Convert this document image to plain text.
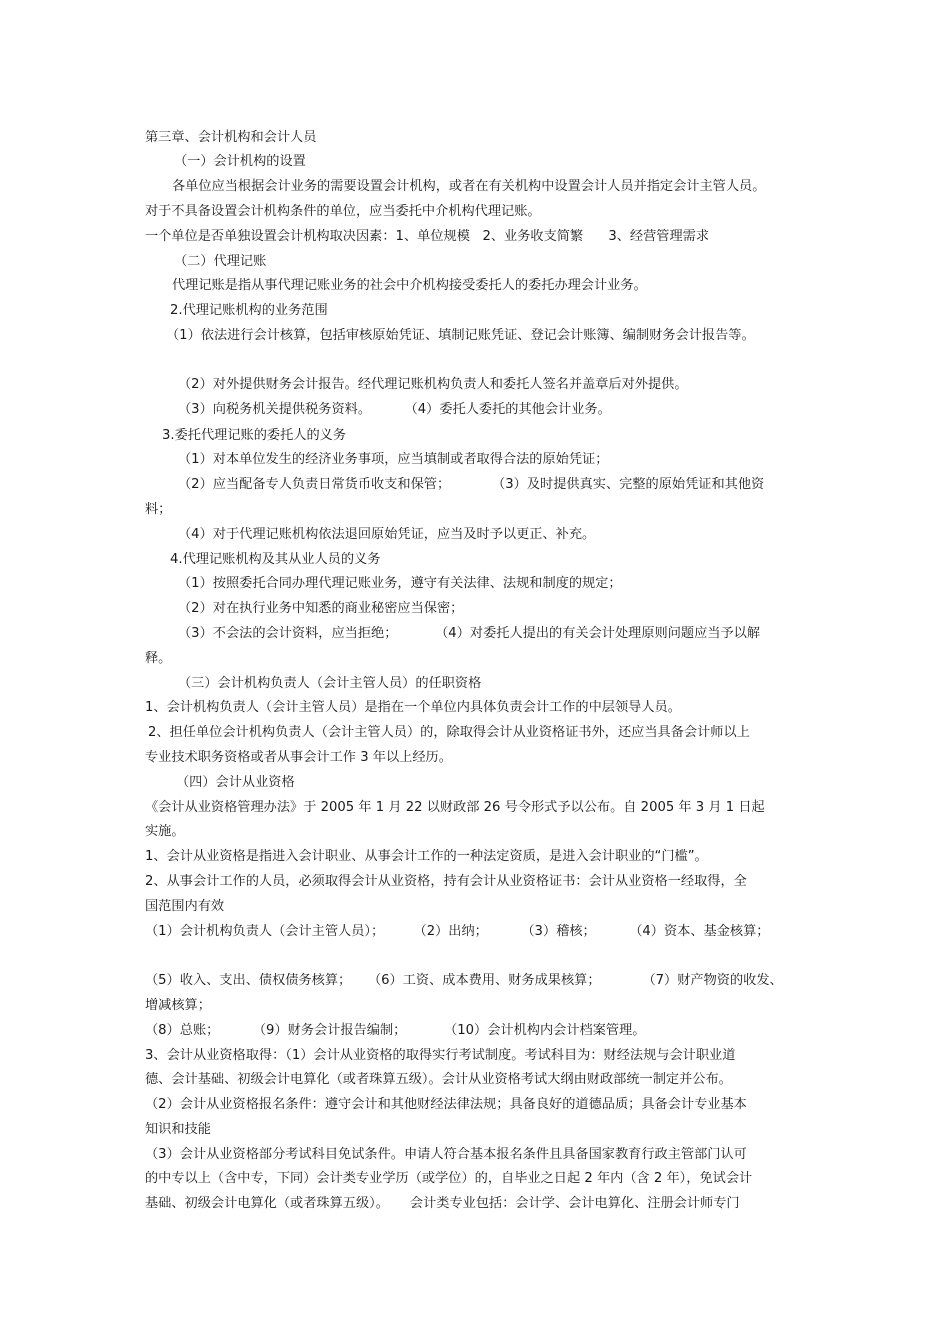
第三章、会计机构和会计人员
（一）会计机构的设置
各单位应当根据会计业务的需要设置会计机构，或者在有关机构中设置会计人员并指定会计主管人员。
对于不具备设置会计机构条件的单位，应当委托中介机构代理记账。
一个单位是否单独设置会计机构取决因素：1、单位规模   2、业务收支简繁      3、经营管理需求
（二）代理记账
代理记账是指从事代理记账业务的社会中介机构接受委托人的委托办理会计业务。
2.代理记账机构的业务范围
（1）依法进行会计核算，包括审核原始凭证、填制记账凭证、登记会计账簿、编制财务会计报告等。
（2）对外提供财务会计报告。经代理记账机构负责人和委托人签名并盖章后对外提供。
（3）向税务机关提供税务资料。        （4）委托人委托的其他会计业务。
3.委托代理记账的委托人的义务
（1）对本单位发生的经济业务事项，应当填制或者取得合法的原始凭证；
（2）应当配备专人负责日常货币收支和保管；          （3）及时提供真实、完整的原始凭证和其他资
料；
（4）对于代理记账机构依法退回原始凭证，应当及时予以更正、补充。
4.代理记账机构及其从业人员的义务
（1）按照委托合同办理代理记账业务，遵守有关法律、法规和制度的规定；
（2）对在执行业务中知悉的商业秘密应当保密；
（3）不会法的会计资料，应当拒绝；         （4）对委托人提出的有关会计处理原则问题应当予以解
释。
（三）会计机构负责人（会计主管人员）的任职资格
1、会计机构负责人（会计主管人员）是指在一个单位内具体负责会计工作的中层领导人员。
2、担任单位会计机构负责人（会计主管人员）的，除取得会计从业资格证书外，还应当具备会计师以上
专业技术职务资格或者从事会计工作 3 年以上经历。
（四）会计从业资格
《会计从业资格管理办法》于 2005 年 1 月 22 以财政部 26 号令形式予以公布。自 2005 年 3 月 1 日起
实施。
1、会计从业资格是指进入会计职业、从事会计工作的一种法定资质，是进入会计职业的“门槛”。
2、从事会计工作的人员，必须取得会计从业资格，持有会计从业资格证书：会计从业资格一经取得，全
国范围内有效
（1）会计机构负责人（会计主管人员）；       （2）出纳；        （3）稽核；        （4）资本、基金核算；
（5）收入、支出、债权债务核算；    （6）工资、成本费用、财务成果核算；          （7）财产物资的收发、
增减核算；
（8）总账；        （9）财务会计报告编制；         （10）会计机构内会计档案管理。
3、会计从业资格取得：（1）会计从业资格的取得实行考试制度。考试科目为：财经法规与会计职业道
德、会计基础、初级会计电算化（或者珠算五级）。会计从业资格考试大纲由财政部统一制定并公布。
（2）会计从业资格报名条件：遵守会计和其他财经法律法规；具备良好的道德品质；具备会计专业基本
知识和技能
（3）会计从业资格部分考试科目免试条件。申请人符合基本报名条件且具备国家教育行政主管部门认可
的中专以上（含中专，下同）会计类专业学历（或学位）的，自毕业之日起 2 年内（含 2 年），免试会计
基础、初级会计电算化（或者珠算五级）。     会计类专业包括：会计学、会计电算化、注册会计师专门
